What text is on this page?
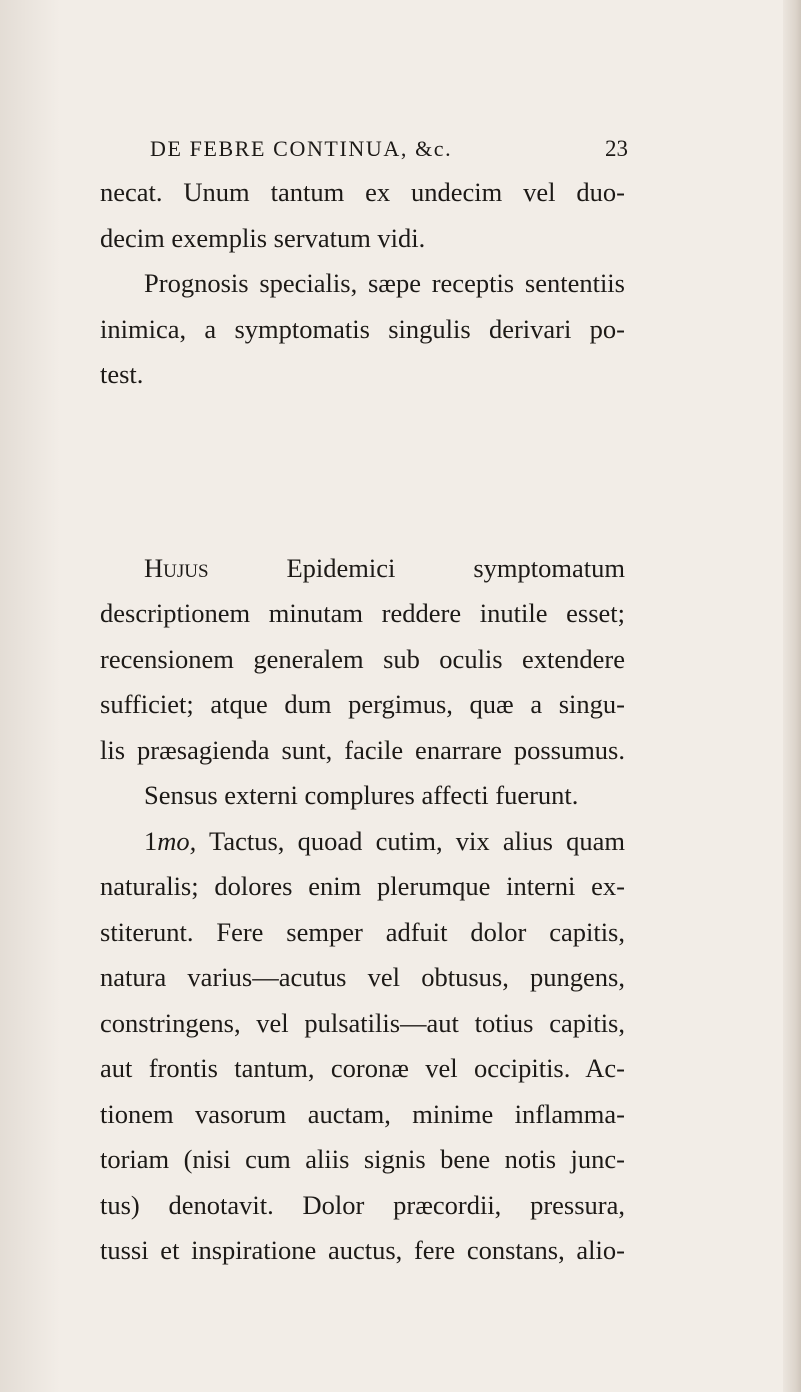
DE FEBRE CONTINUA, &c.	23
necat. Unum tantum ex undecim vel duo-
decim exemplis servatum vidi.
Prognosis specialis, sæpe receptis sententiis
inimica, a symptomatis singulis derivari po-
test.
Hujus Epidemici symptomatum
descriptionem minutam reddere inutile esset;
recensionem generalem sub oculis extendere
sufficiet; atque dum pergimus, quæ a singu-
lis præsagienda sunt, facile enarrare possumus.
Sensus externi complures affecti fuerunt.
1mo, Tactus, quoad cutim, vix alius quam
naturalis; dolores enim plerumque interni ex-
stiterunt. Fere semper adfuit dolor capitis,
natura varius—acutus vel obtusus, pungens,
constringens, vel pulsatilis—aut totius capitis,
aut frontis tantum, coronæ vel occipitis. Ac-
tionem vasorum auctam, minime inflamma-
toriam (nisi cum aliis signis bene notis junc-
tus) denotavit. Dolor præcordii, pressura,
tussi et inspiratione auctus, fere constans, alio-
